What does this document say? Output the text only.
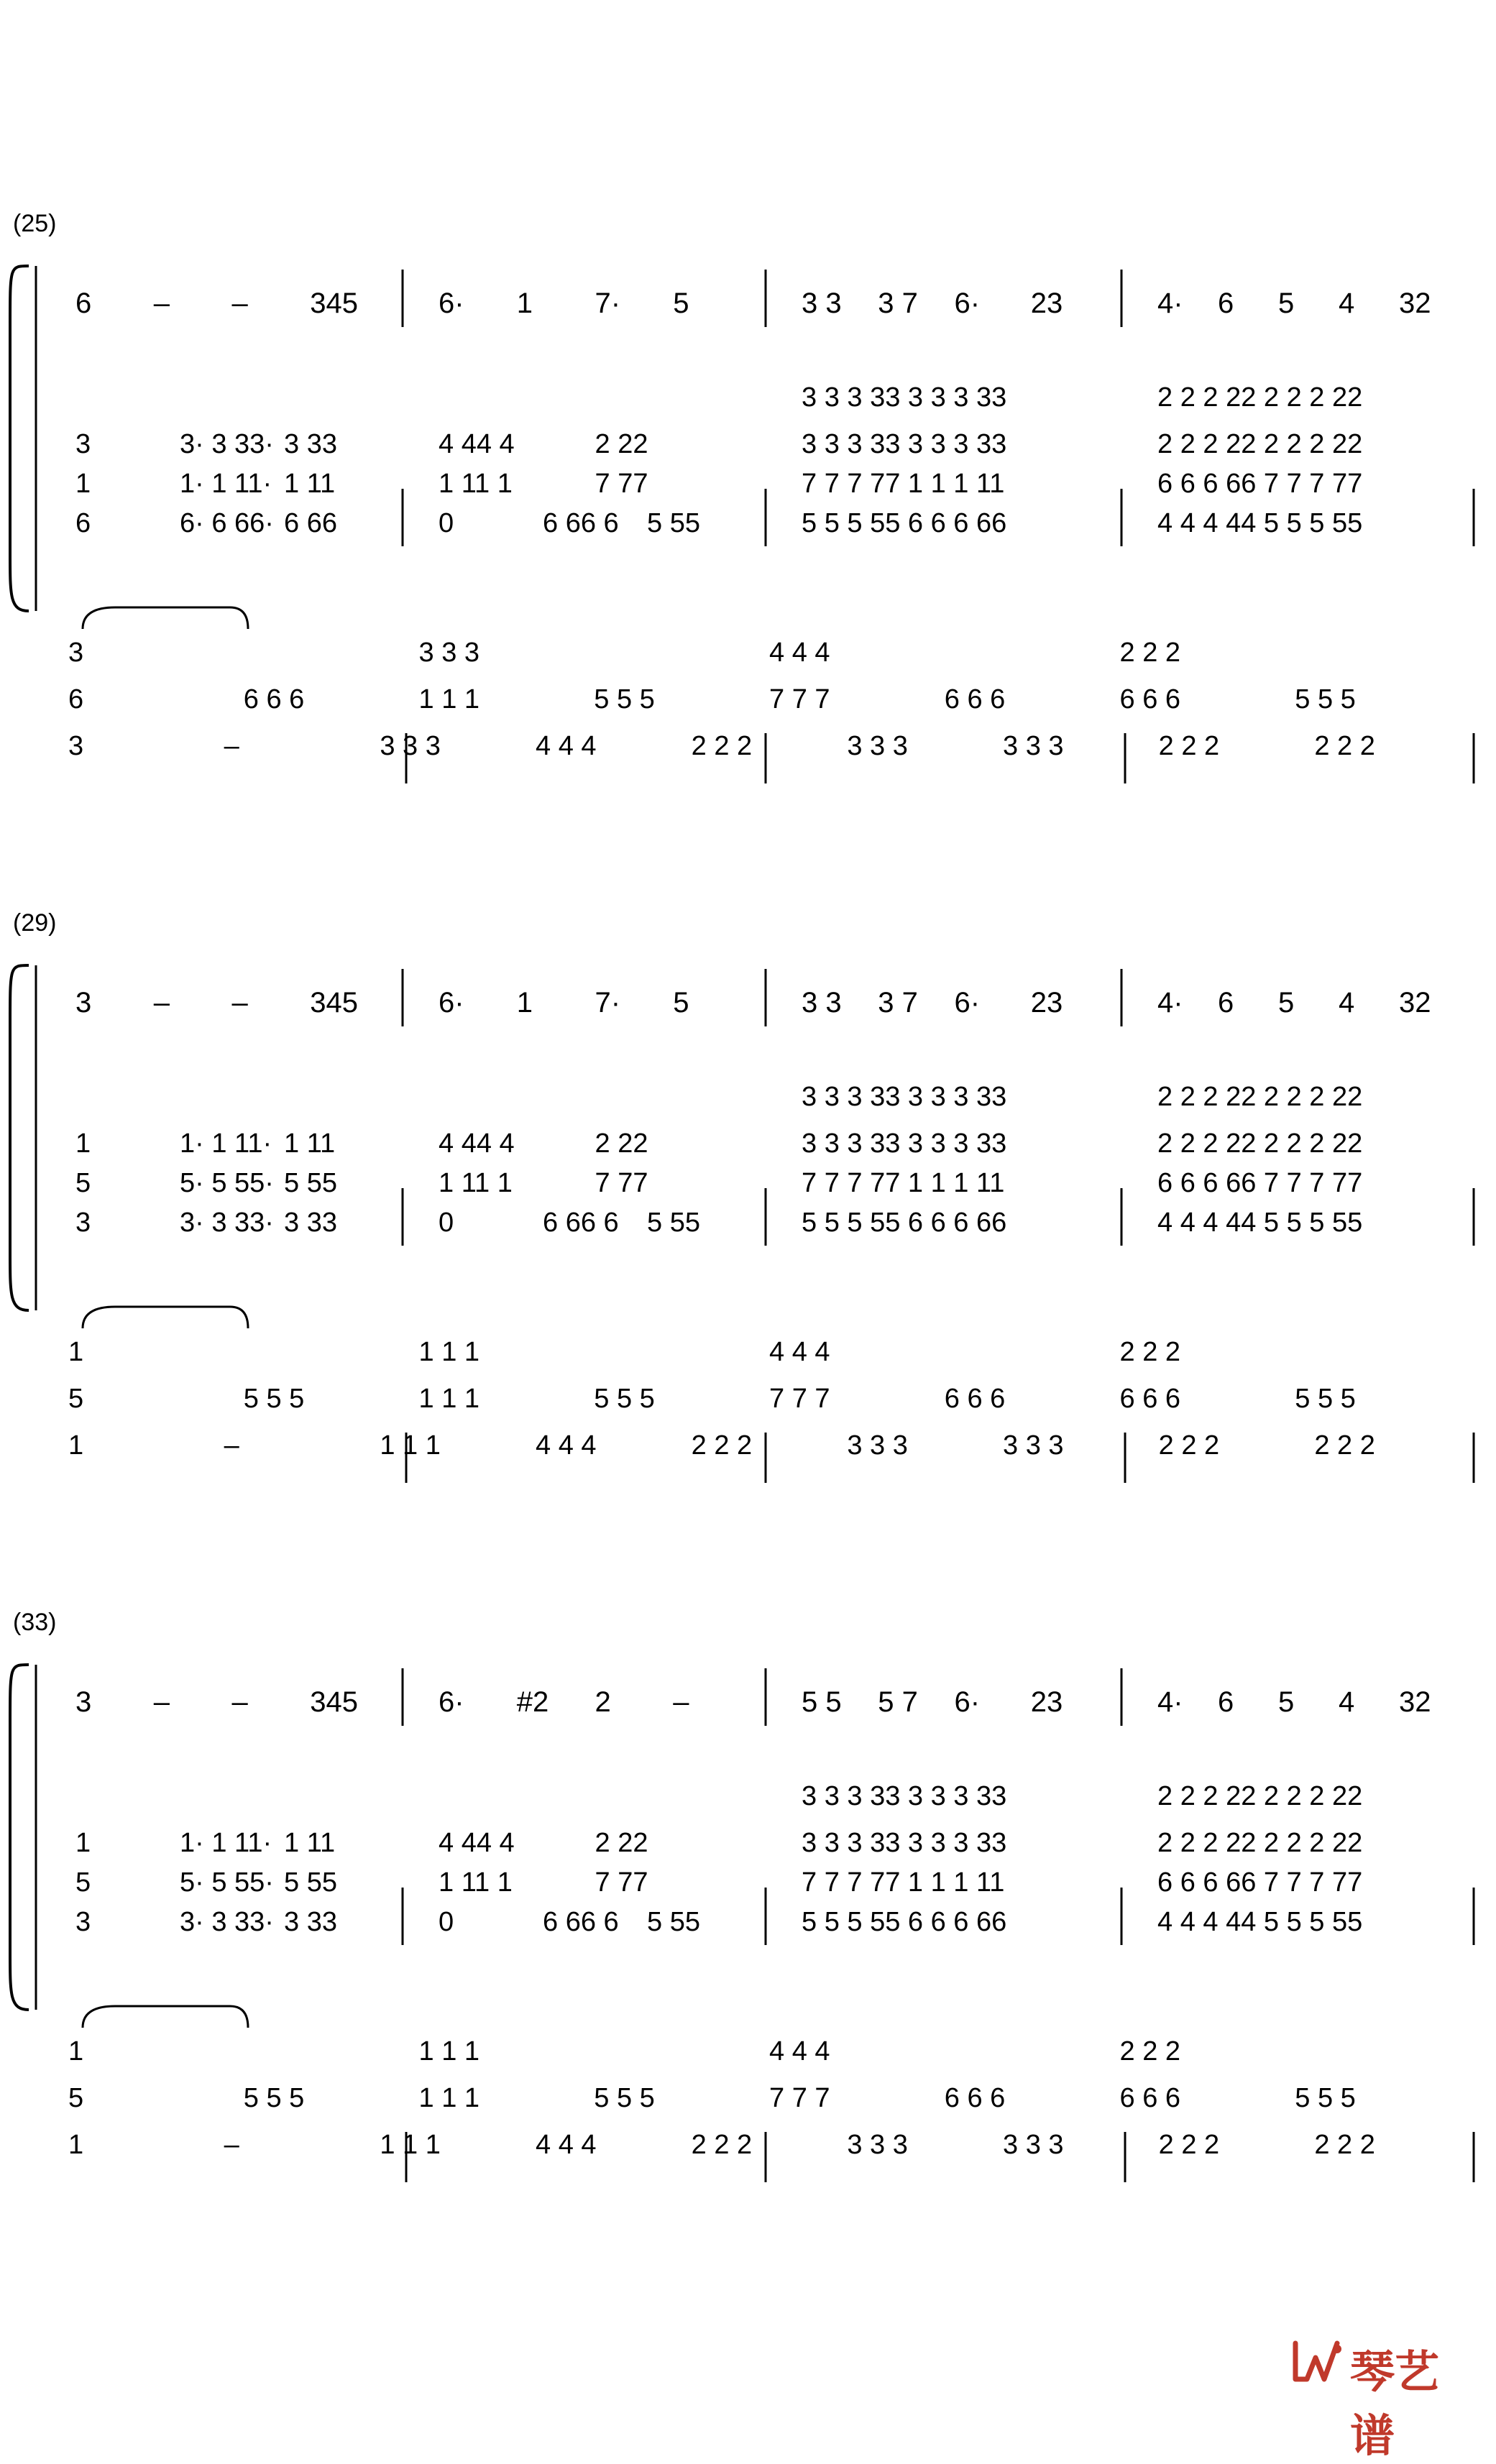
(25)
(29)
(33)
6 – – 345	6· 1 7· 5	3 3 3 7 6· 23	4· 6 5 4 32
3 3 3 33 3 3 3 33	2 2 2 22 2 2 2 22
3	3· 3 33· 3 33	4 44 4	2 22	3 3 3 33 3 3 3 33	2 2 2 22 2 2 2 22
1	1· 1 11· 1 11	1 11 1	7 77	7 7 7 77 1 1 1 11	6 6 6 66 7 7 7 77
6	6· 6 66· 6 66	0	6 66 6 5 55	5 5 5 55 6 6 6 66	4 4 4 44 5 5 5 55
3	3 3 3	4 4 4	2 2 2
6	6 6 6	1 1 1	5 5 5	7 7 7	6 6 6	6 6 6	5 5 5
3	–	3 3 3	4 4 4	2 2 2	3 3 3	3 3 3	2 2 2	2 2 2
3 – – 345	6· 1 7· 5	3 3 3 7 6· 23	4· 6 5 4 32
3 3 3 33 3 3 3 33	2 2 2 22 2 2 2 22
1	1· 1 11· 1 11	4 44 4	2 22	3 3 3 33 3 3 3 33	2 2 2 22 2 2 2 22
5	5· 5 55· 5 55	1 11 1	7 77	7 7 7 77 1 1 1 11	6 6 6 66 7 7 7 77
3	3· 3 33· 3 33	0	6 66 6 5 55	5 5 5 55 6 6 6 66	4 4 4 44 5 5 5 55
1	1 1 1	4 4 4	2 2 2
5	5 5 5	1 1 1	5 5 5	7 7 7	6 6 6	6 6 6	5 5 5
1	–	1 1 1	4 4 4	2 2 2	3 3 3	3 3 3	2 2 2	2 2 2
3 – – 345	6· #2 2 –	5 5 5 7 6· 23	4· 6 5 4 32
3 3 3 33 3 3 3 33	2 2 2 22 2 2 2 22
1	1· 1 11· 1 11	4 44 4	2 22	3 3 3 33 3 3 3 33	2 2 2 22 2 2 2 22
5	5· 5 55· 5 55	1 11 1	7 77	7 7 7 77 1 1 1 11	6 6 6 66 7 7 7 77
3	3· 3 33· 3 33	0	6 66 6 5 55	5 5 5 55 6 6 6 66	4 4 4 44 5 5 5 55
1	1 1 1	4 4 4	2 2 2
5	5 5 5	1 1 1	5 5 5	7 7 7	6 6 6	6 6 6	5 5 5
1	–	1 1 1	4 4 4	2 2 2	3 3 3	3 3 3	2 2 2	2 2 2
琴艺谱
